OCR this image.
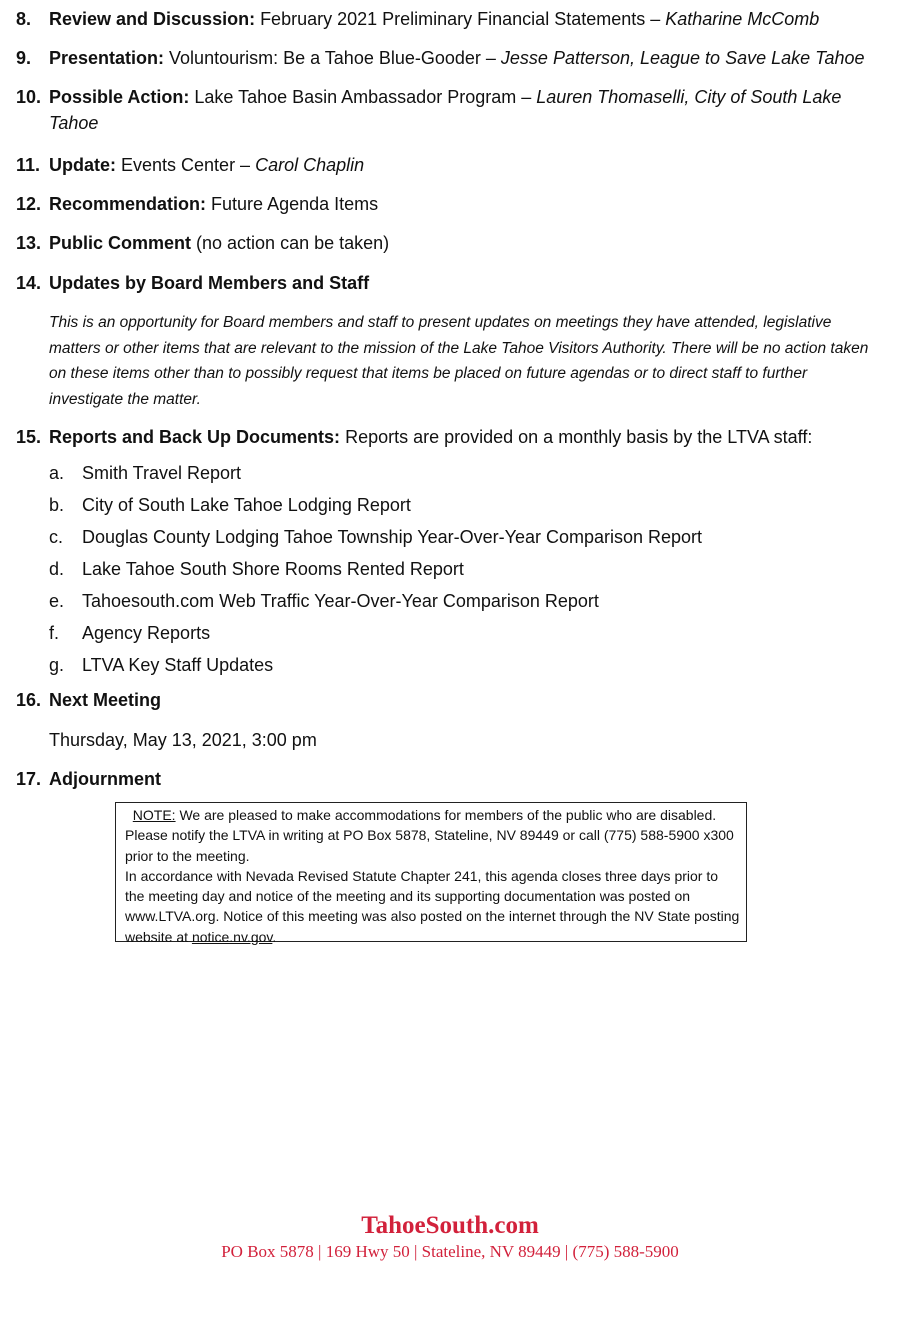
8. Review and Discussion: February 2021 Preliminary Financial Statements – Katharine McComb
9. Presentation: Voluntourism: Be a Tahoe Blue-Gooder – Jesse Patterson, League to Save Lake Tahoe
10. Possible Action: Lake Tahoe Basin Ambassador Program – Lauren Thomaselli, City of South Lake Tahoe
11. Update: Events Center – Carol Chaplin
12. Recommendation: Future Agenda Items
13. Public Comment (no action can be taken)
14. Updates by Board Members and Staff
This is an opportunity for Board members and staff to present updates on meetings they have attended, legislative matters or other items that are relevant to the mission of the Lake Tahoe Visitors Authority. There will be no action taken on these items other than to possibly request that items be placed on future agendas or to direct staff to further investigate the matter.
15. Reports and Back Up Documents: Reports are provided on a monthly basis by the LTVA staff:
a. Smith Travel Report
b. City of South Lake Tahoe Lodging Report
c. Douglas County Lodging Tahoe Township Year-Over-Year Comparison Report
d. Lake Tahoe South Shore Rooms Rented Report
e. Tahoesouth.com Web Traffic Year-Over-Year Comparison Report
f. Agency Reports
g. LTVA Key Staff Updates
16. Next Meeting
Thursday, May 13, 2021, 3:00 pm
17. Adjournment

NOTE: We are pleased to make accommodations for members of the public who are disabled. Please notify the LTVA in writing at PO Box 5878, Stateline, NV 89449 or call (775) 588-5900 x300 prior to the meeting.

In accordance with Nevada Revised Statute Chapter 241, this agenda closes three days prior to the meeting day and notice of the meeting and its supporting documentation was posted on www.LTVA.org. Notice of this meeting was also posted on the internet through the NV State posting website at notice.nv.gov.

TahoeSouth.com
PO Box 5878 | 169 Hwy 50 | Stateline, NV 89449 | (775) 588-5900
